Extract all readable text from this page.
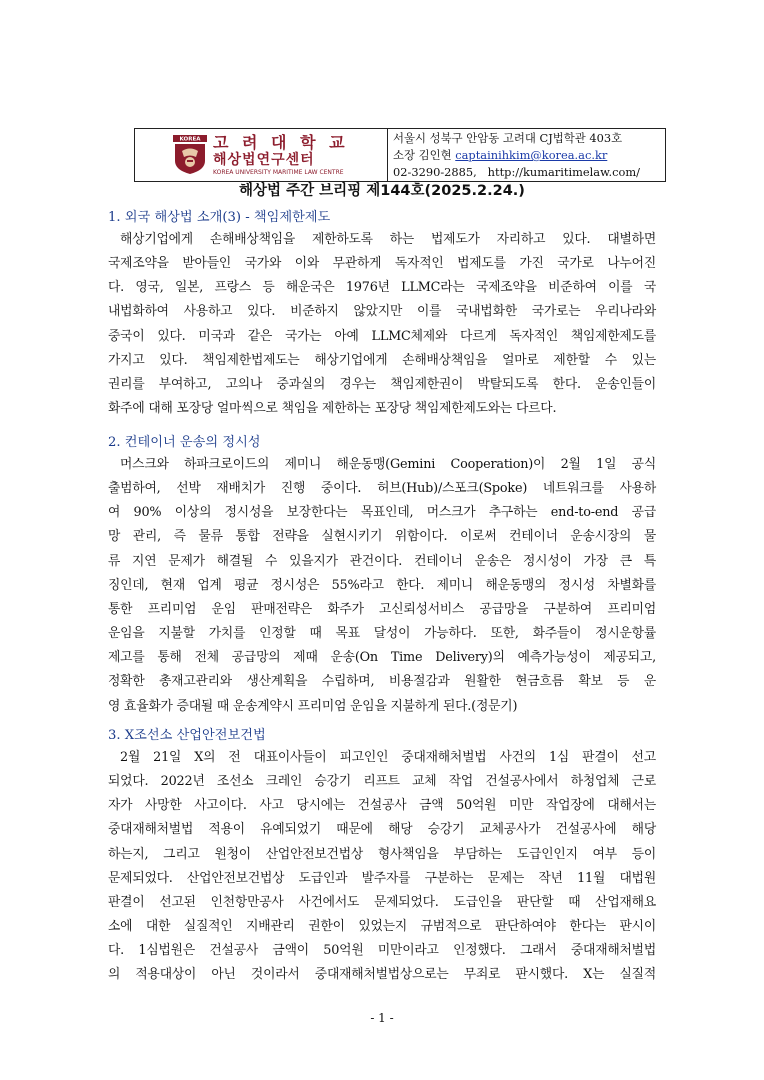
KOREA 고 려 대 학 교
해상법연구센터
KOREA UNIVERSITY MARITIME LAW CENTRE
서울시 성북구 안암동 고려대 CJ법학관 403호
소장 김인현 captainihkim@korea.ac.kr
02-3290-2885,   http://kumaritimelaw.com/
해상법 주간 브리핑 제144호(2025.2.24.)
1. 외국 해상법 소개(3) - 책임제한제도
해상기업에게 손해배상책임을 제한하도록 하는 법제도가 자리하고 있다. 대별하면
국제조약을 받아들인 국가와 이와 무관하게 독자적인 법제도를 가진 국가로 나누어진
다. 영국, 일본, 프랑스 등 해운국은 1976년 LLMC라는 국제조약을 비준하여 이를 국
내법화하여 사용하고 있다. 비준하지 않았지만 이를 국내법화한 국가로는 우리나라와
중국이 있다. 미국과 같은 국가는 아예 LLMC체제와 다르게 독자적인 책임제한제도를
가지고 있다. 책임제한법제도는 해상기업에게 손해배상책임을 얼마로 제한할 수 있는
권리를 부여하고, 고의나 중과실의 경우는 책임제한권이 박탈되도록 한다. 운송인들이
화주에 대해 포장당 얼마씩으로 책임을 제한하는 포장당 책임제한제도와는 다르다.
2. 컨테이너 운송의 정시성
머스크와 하파크로이드의 제미니 해운동맹(Gemini Cooperation)이 2월 1일 공식
출범하여, 선박 재배치가 진행 중이다. 허브(Hub)/스포크(Spoke) 네트워크를 사용하
여 90% 이상의 정시성을 보장한다는 목표인데, 머스크가 추구하는 end-to-end 공급
망 관리, 즉 물류 통합 전략을 실현시키기 위함이다. 이로써 컨테이너 운송시장의 물
류 지연 문제가 해결될 수 있을지가 관건이다. 컨테이너 운송은 정시성이 가장 큰 특
징인데, 현재 업계 평균 정시성은 55%라고 한다. 제미니 해운동맹의 정시성 차별화를
통한 프리미엄 운임 판매전략은 화주가 고신뢰성서비스 공급망을 구분하여 프리미엄
운임을 지불할 가치를 인정할 때 목표 달성이 가능하다. 또한, 화주들이 정시운항률
제고를 통해 전체 공급망의 제때 운송(On Time Delivery)의 예측가능성이 제공되고,
정확한 총재고관리와 생산계획을 수립하며, 비용절감과 원활한 현금흐름 확보 등 운
영 효율화가 증대될 때 운송계약시 프리미엄 운임을 지불하게 된다.(정문기)
3. X조선소 산업안전보건법
2월 21일 X의 전 대표이사들이 피고인인 중대재해처벌법 사건의 1심 판결이 선고
되었다. 2022년 조선소 크레인 승강기 리프트 교체 작업 건설공사에서 하청업체 근로
자가 사망한 사고이다. 사고 당시에는 건설공사 금액 50억원 미만 작업장에 대해서는
중대재해처벌법 적용이 유예되었기 때문에 해당 승강기 교체공사가 건설공사에 해당
하는지, 그리고 원청이 산업안전보건법상 형사책임을 부담하는 도급인인지 여부 등이
문제되었다. 산업안전보건법상 도급인과 발주자를 구분하는 문제는 작년 11월 대법원
판결이 선고된 인천항만공사 사건에서도 문제되었다. 도급인을 판단할 때 산업재해요
소에 대한 실질적인 지배관리 권한이 있었는지 규범적으로 판단하여야 한다는 판시이
다. 1심법원은 건설공사 금액이 50억원 미만이라고 인정했다. 그래서 중대재해처벌법
의 적용대상이 아닌 것이라서 중대재해처벌법상으로는 무죄로 판시했다. X는 실질적
- 1 -
